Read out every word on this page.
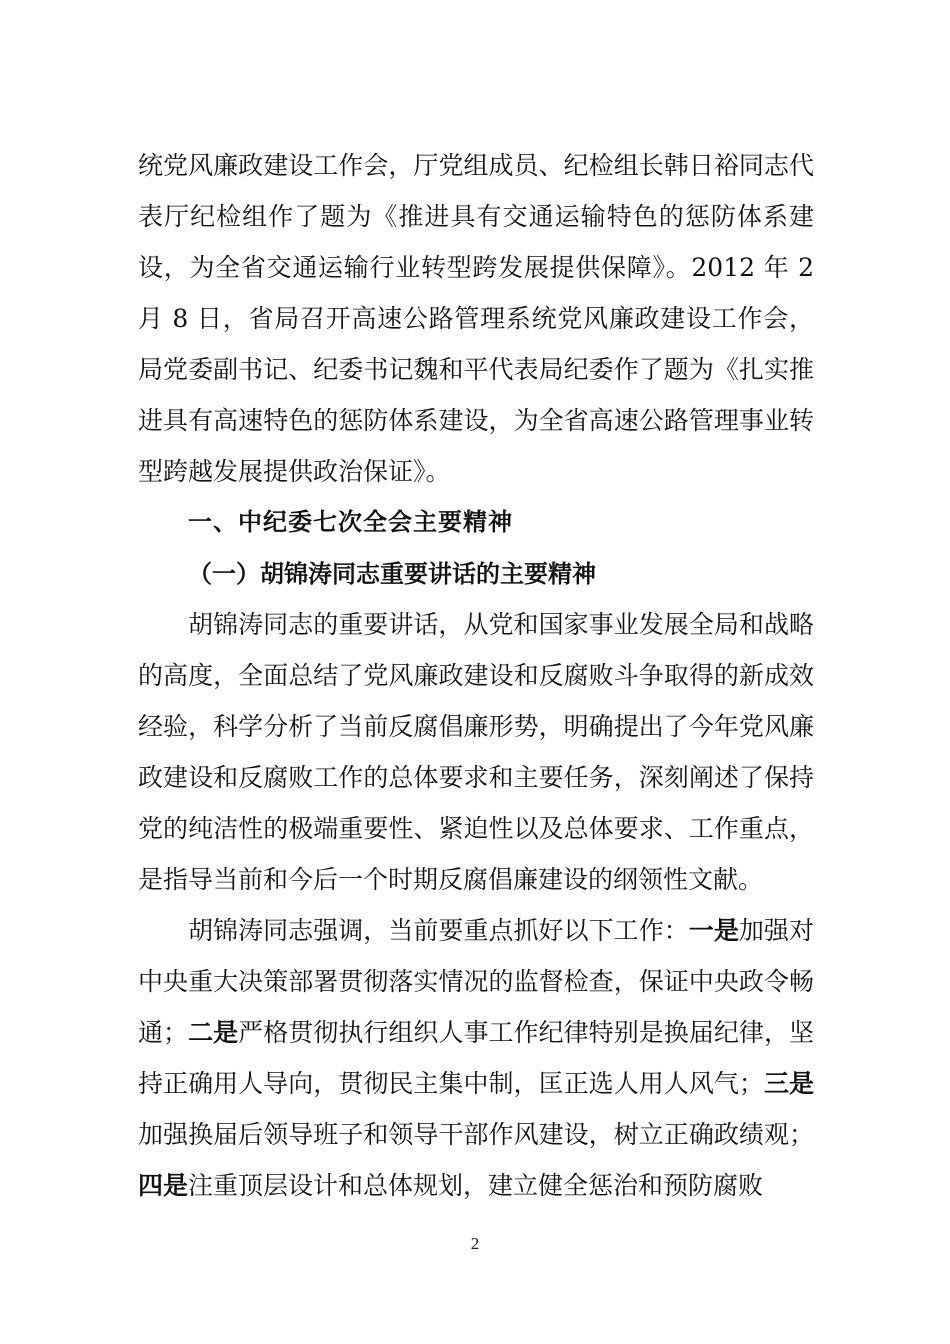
统党风廉政建设工作会，厅党组成员、纪检组长韩日裕同志代表厅纪检组作了题为《推进具有交通运输特色的惩防体系建设，为全省交通运输行业转型跨发展提供保障》。2012 年 2 月 8 日，省局召开高速公路管理系统党风廉政建设工作会，局党委副书记、纪委书记魏和平代表局纪委作了题为《扎实推进具有高速特色的惩防体系建设，为全省高速公路管理事业转型跨越发展提供政治保证》。

一、中纪委七次全会主要精神

（一）胡锦涛同志重要讲话的主要精神

胡锦涛同志的重要讲话，从党和国家事业发展全局和战略的高度，全面总结了党风廉政建设和反腐败斗争取得的新成效经验，科学分析了当前反腐倡廉形势，明确提出了今年党风廉政建设和反腐败工作的总体要求和主要任务，深刻阐述了保持党的纯洁性的极端重要性、紧迫性以及总体要求、工作重点，是指导当前和今后一个时期反腐倡廉建设的纲领性文献。

胡锦涛同志强调，当前要重点抓好以下工作：一是加强对中央重大决策部署贯彻落实情况的监督检查，保证中央政令畅通；二是严格贯彻执行组织人事工作纪律特别是换届纪律，坚持正确用人导向，贯彻民主集中制，匡正选人用人风气；三是加强换届后领导班子和领导干部作风建设，树立正确政绩观；四是注重顶层设计和总体规划，建立健全惩治和预防腐败

2
